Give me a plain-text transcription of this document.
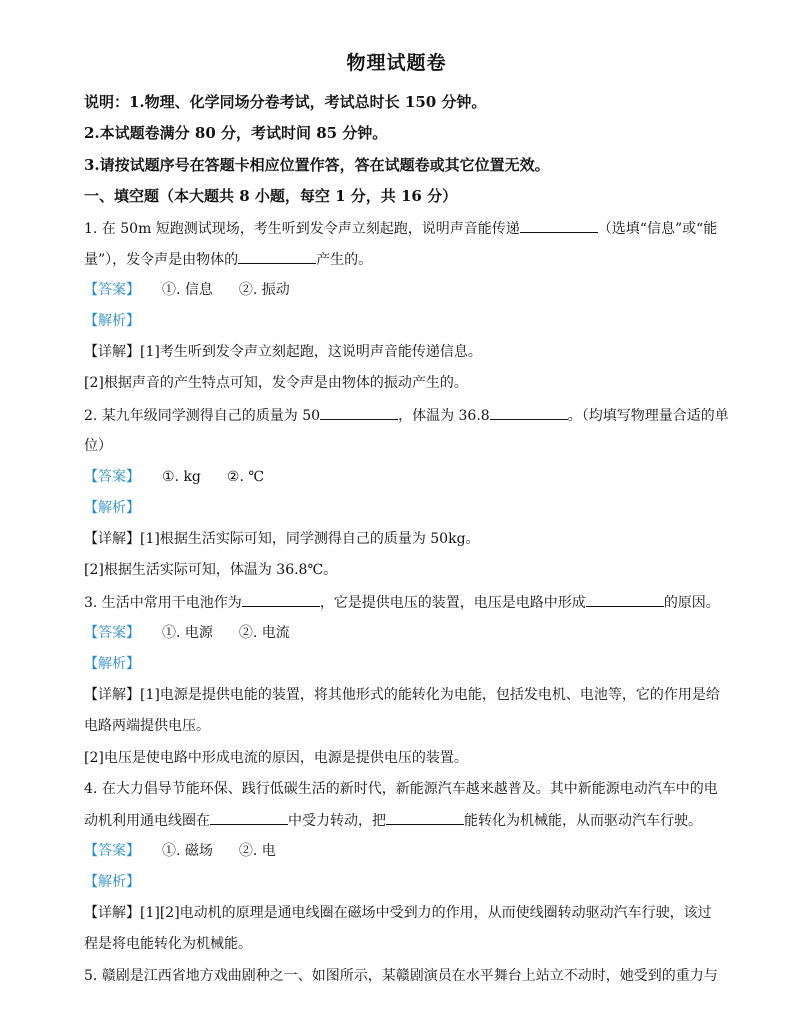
物理试题卷
说明：1.物理、化学同场分卷考试，考试总时长 150 分钟。
2.本试题卷满分 80 分，考试时间 85 分钟。
3.请按试题序号在答题卡相应位置作答，答在试题卷或其它位置无效。
一、填空题（本大题共 8 小题，每空 1 分，共 16 分）
1. 在 50m 短跑测试现场，考生听到发令声立刻起跑，说明声音能传递	（选填“信息”或“能
量”），发令声是由物体的	产生的。
【答案】 ①. 信息 ②. 振动
【解析】
【详解】[1]考生听到发令声立刻起跑，这说明声音能传递信息。
[2]根据声音的产生特点可知，发令声是由物体的振动产生的。
2. 某九年级同学测得自己的质量为 50	，体温为 36.8	。（均填写物理量合适的单
位）
【答案】 ①. kg ②. ℃
【解析】
【详解】[1]根据生活实际可知，同学测得自己的质量为 50kg。
[2]根据生活实际可知，体温为 36.8℃。
3. 生活中常用干电池作为	，它是提供电压的装置，电压是电路中形成	的原因。
【答案】 ①. 电源 ②. 电流
【解析】
【详解】[1]电源是提供电能的装置，将其他形式的能转化为电能，包括发电机、电池等，它的作用是给
电路两端提供电压。
[2]电压是使电路中形成电流的原因，电源是提供电压的装置。
4. 在大力倡导节能环保、践行低碳生活的新时代，新能源汽车越来越普及。其中新能源电动汽车中的电
动机利用通电线圈在	中受力转动，把	能转化为机械能，从而驱动汽车行驶。
【答案】 ①. 磁场 ②. 电
【解析】
【详解】[1][2]电动机的原理是通电线圈在磁场中受到力的作用，从而使线圈转动驱动汽车行驶，该过
程是将电能转化为机械能。
5. 赣剧是江西省地方戏曲剧种之一、如图所示，某赣剧演员在水平舞台上站立不动时，她受到的重力与
